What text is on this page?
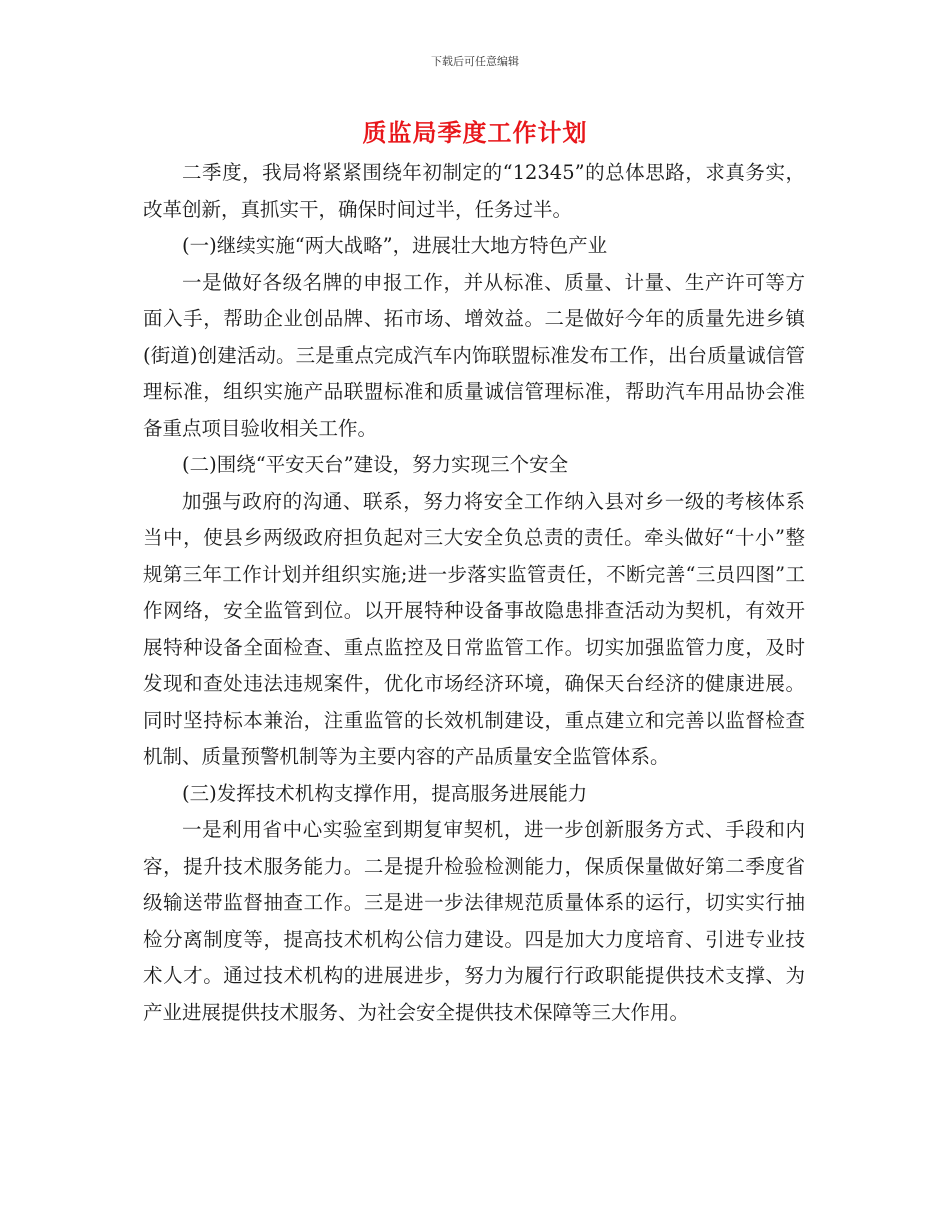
下载后可任意编辑
质监局季度工作计划

二季度，我局将紧紧围绕年初制定的“12345”的总体思路，求真务实，改革创新，真抓实干，确保时间过半，任务过半。

(一)继续实施“两大战略”，进展壮大地方特色产业

一是做好各级名牌的申报工作，并从标准、质量、计量、生产许可等方面入手，帮助企业创品牌、拓市场、增效益。二是做好今年的质量先进乡镇(街道)创建活动。三是重点完成汽车内饰联盟标准发布工作，出台质量诚信管理标准，组织实施产品联盟标准和质量诚信管理标准，帮助汽车用品协会准备重点项目验收相关工作。

(二)围绕“平安天台”建设，努力实现三个安全

加强与政府的沟通、联系，努力将安全工作纳入县对乡一级的考核体系当中，使县乡两级政府担负起对三大安全负总责的责任。牵头做好“十小”整规第三年工作计划并组织实施;进一步落实监管责任，不断完善“三员四图”工作网络，安全监管到位。以开展特种设备事故隐患排查活动为契机，有效开展特种设备全面检查、重点监控及日常监管工作。切实加强监管力度，及时发现和查处违法违规案件，优化市场经济环境，确保天台经济的健康进展。同时坚持标本兼治，注重监管的长效机制建设，重点建立和完善以监督检查机制、质量预警机制等为主要内容的产品质量安全监管体系。

(三)发挥技术机构支撑作用，提高服务进展能力

一是利用省中心实验室到期复审契机，进一步创新服务方式、手段和内容，提升技术服务能力。二是提升检验检测能力，保质保量做好第二季度省级输送带监督抽查工作。三是进一步法律规范质量体系的运行，切实实行抽检分离制度等，提高技术机构公信力建设。四是加大力度培育、引进专业技术人才。通过技术机构的进展进步，努力为履行行政职能提供技术支撑、为产业进展提供技术服务、为社会安全提供技术保障等三大作用。
